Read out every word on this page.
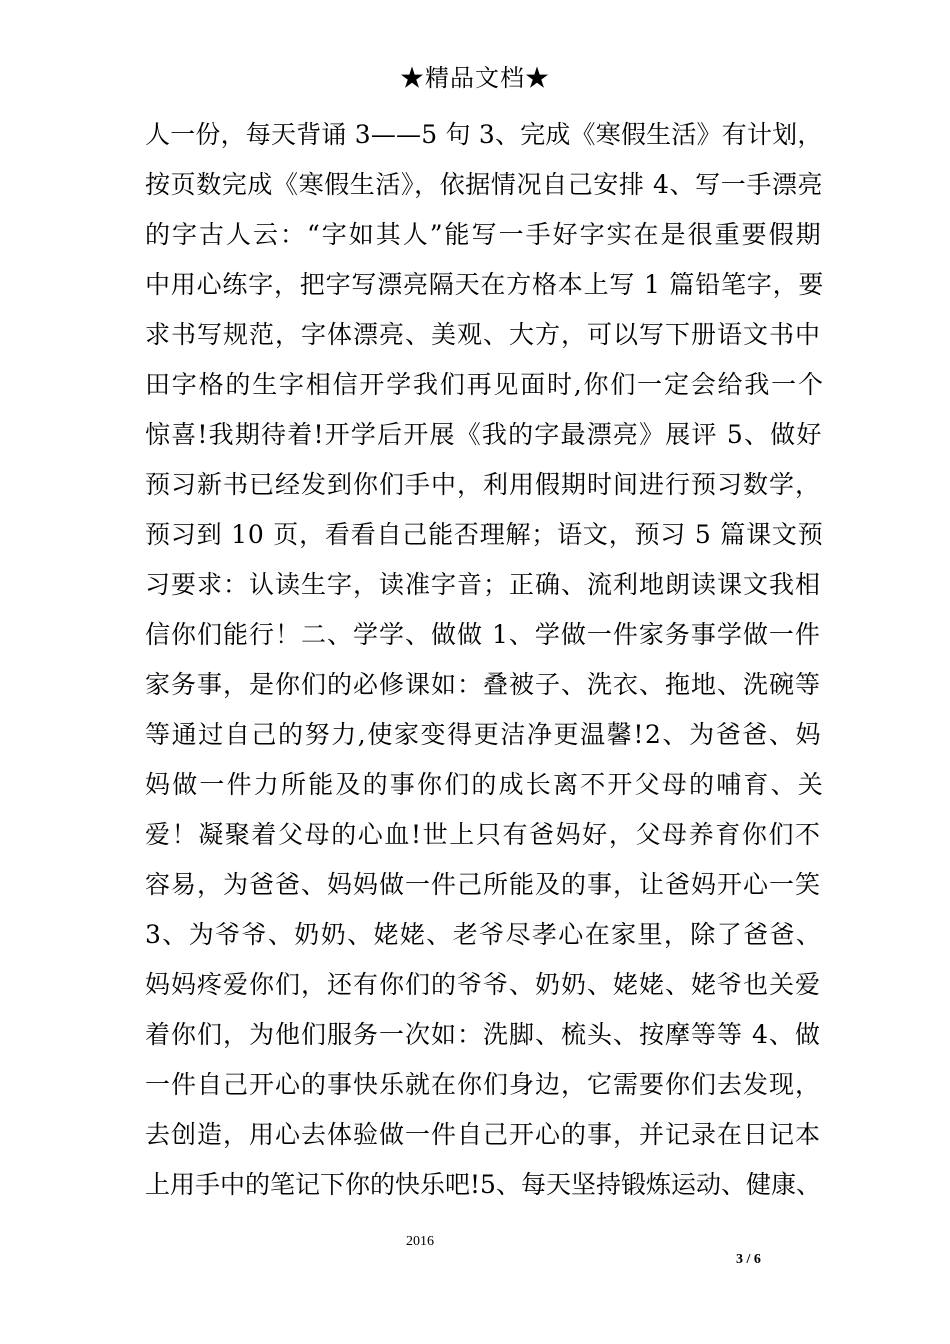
★精品文档★
人一份，每天背诵 3——5 句 3、完成《寒假生活》有计划，
按页数完成《寒假生活》，依据情况自己安排 4、写一手漂亮
的字古人云：“字如其人”能写一手好字实在是很重要假期
中用心练字，把字写漂亮隔天在方格本上写 1 篇铅笔字，要
求书写规范，字体漂亮、美观、大方，可以写下册语文书中
田字格的生字相信开学我们再见面时,你们一定会给我一个
惊喜!我期待着!开学后开展《我的字最漂亮》展评 5、做好
预习新书已经发到你们手中，利用假期时间进行预习数学，
预习到 10 页，看看自己能否理解；语文，预习 5 篇课文预
习要求：认读生字，读准字音；正确、流利地朗读课文我相
信你们能行！二、学学、做做 1、学做一件家务事学做一件
家务事，是你们的必修课如：叠被子、洗衣、拖地、洗碗等
等通过自己的努力,使家变得更洁净更温馨!2、为爸爸、妈
妈做一件力所能及的事你们的成长离不开父母的哺育、关
爱！凝聚着父母的心血!世上只有爸妈好，父母养育你们不
容易，为爸爸、妈妈做一件己所能及的事，让爸妈开心一笑
3、为爷爷、奶奶、姥姥、老爷尽孝心在家里，除了爸爸、
妈妈疼爱你们，还有你们的爷爷、奶奶、姥姥、姥爷也关爱
着你们，为他们服务一次如：洗脚、梳头、按摩等等 4、做
一件自己开心的事快乐就在你们身边，它需要你们去发现，
去创造，用心去体验做一件自己开心的事，并记录在日记本
上用手中的笔记下你的快乐吧!5、每天坚持锻炼运动、健康、
2016
3 / 6
